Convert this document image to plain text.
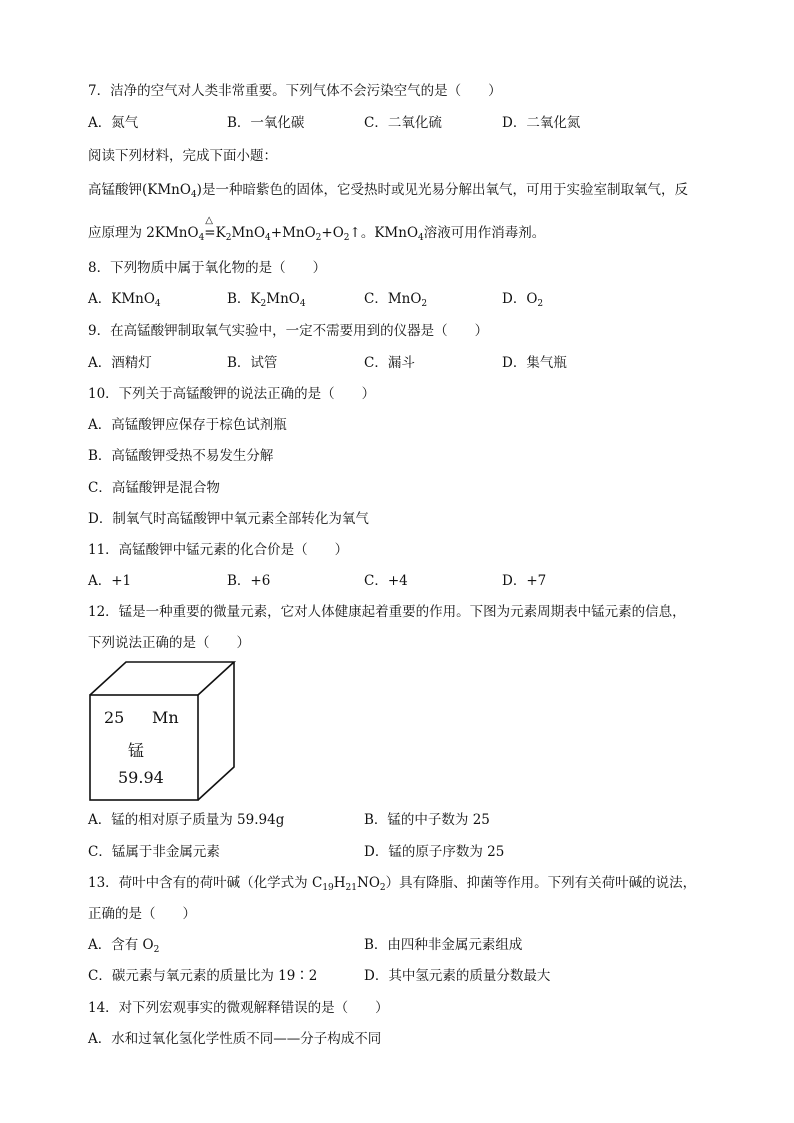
7．洁净的空气对人类非常重要。下列气体不会污染空气的是（　　）
A．氮气	B．一氧化碳	C．二氧化硫	D．二氧化氮
阅读下列材料，完成下面小题：
高锰酸钾(KMnO$_4$)是一种暗紫色的固体，它受热时或见光易分解出氧气，可用于实验室制取氧气，反
应原理为 2KMnO$_4$
△
$=K_2MnO_4+MnO_2+O_2↑$。KMnO$_4$溶液可用作消毒剂。
8．下列物质中属于氧化物的是（　　）
A．KMnO$_4$	B．$K_2MnO_4$	C．MnO$_2$	D．$O_2$
9．在高锰酸钾制取氧气实验中，一定不需要用到的仪器是（　　）
A．酒精灯	B．试管	C．漏斗	D．集气瓶
10．下列关于高锰酸钾的说法正确的是（　　）
A．高锰酸钾应保存于棕色试剂瓶
B．高锰酸钾受热不易发生分解
C．高锰酸钾是混合物
D．制氧气时高锰酸钾中氧元素全部转化为氧气
11．高锰酸钾中锰元素的化合价是（　　）
A．+1	B．+6	C．+4	D．+7
12．锰是一种重要的微量元素，它对人体健康起着重要的作用。下图为元素周期表中锰元素的信息，
下列说法正确的是（　　）
25 Mn
锰
59.94
A．锰的相对原子质量为 59.94g	B．锰的中子数为 25
C．锰属于非金属元素	D．锰的原子序数为 25
13．荷叶中含有的荷叶碱（化学式为 $C_{19}H_{21}NO_2$）具有降脂、抑菌等作用。下列有关荷叶碱的说法，
正确的是（　　）
A．含有 $O_2$	B．由四种非金属元素组成
C．碳元素与氧元素的质量比为 19∶2	D．其中氢元素的质量分数最大
14．对下列宏观事实的微观解释错误的是（　　）
A．水和过氧化氢化学性质不同——分子构成不同
